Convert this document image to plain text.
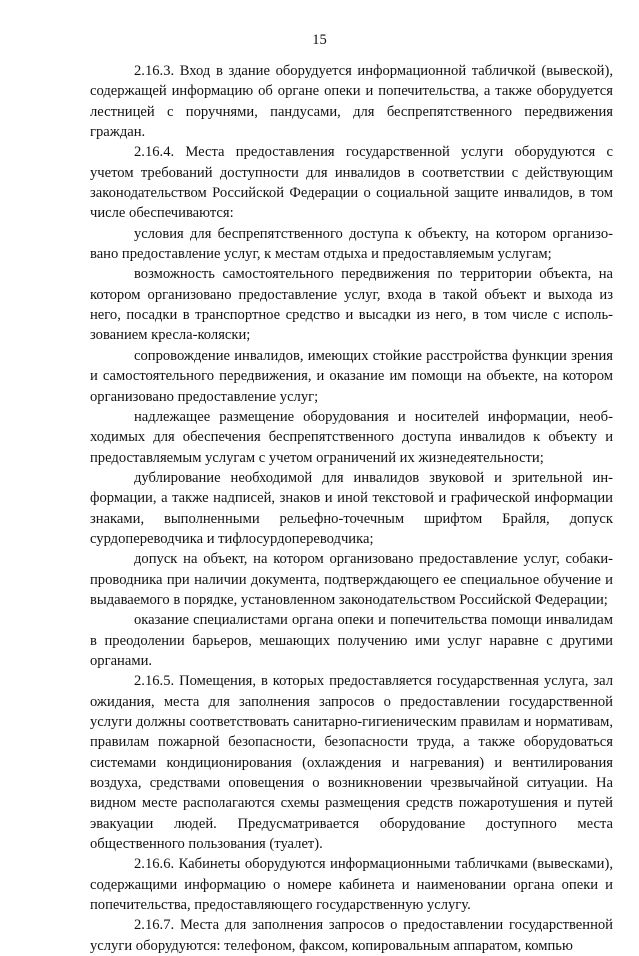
15

2.16.3. Вход в здание оборудуется информационной табличкой (вывеской), содержащей информацию об органе опеки и попечительства, а также оборудуется лестницей с поручнями, пандусами, для беспрепятственного передвижения граждан.

2.16.4. Места предоставления государственной услуги оборудуются с учетом требований доступности для инвалидов в соответствии с действующим законодательством Российской Федерации о социальной защите инвалидов, в том числе обеспечиваются:

условия для беспрепятственного доступа к объекту, на котором организовано предоставление услуг, к местам отдыха и предоставляемым услугам;

возможность самостоятельного передвижения по территории объекта, на котором организовано предоставление услуг, входа в такой объект и выхода из него, посадки в транспортное средство и высадки из него, в том числе с использованием кресла-коляски;

сопровождение инвалидов, имеющих стойкие расстройства функции зрения и самостоятельного передвижения, и оказание им помощи на объекте, на котором организовано предоставление услуг;

надлежащее размещение оборудования и носителей информации, необходимых для обеспечения беспрепятственного доступа инвалидов к объекту и предоставляемым услугам с учетом ограничений их жизнедеятельности;

дублирование необходимой для инвалидов звуковой и зрительной информации, а также надписей, знаков и иной текстовой и графической информации знаками, выполненными рельефно-точечным шрифтом Брайля, допуск сурдопереводчика и тифлосурдопереводчика;

допуск на объект, на котором организовано предоставление услуг, собаки-проводника при наличии документа, подтверждающего ее специальное обучение и выдаваемого в порядке, установленном законодательством Российской Федерации;

оказание специалистами органа опеки и попечительства помощи инвалидам в преодолении барьеров, мешающих получению ими услуг наравне с другими органами.

2.16.5. Помещения, в которых предоставляется государственная услуга, зал ожидания, места для заполнения запросов о предоставлении государственной услуги должны соответствовать санитарно-гигиеническим правилам и нормативам, правилам пожарной безопасности, безопасности труда, а также оборудоваться системами кондиционирования (охлаждения и нагревания) и вентилирования воздуха, средствами оповещения о возникновении чрезвычайной ситуации. На видном месте располагаются схемы размещения средств пожаротушения и путей эвакуации людей. Предусматривается оборудование доступного места общественного пользования (туалет).

2.16.6. Кабинеты оборудуются информационными табличками (вывесками), содержащими информацию о номере кабинета и наименовании органа опеки и попечительства, предоставляющего государственную услугу.

2.16.7. Места для заполнения запросов о предоставлении государственной услуги оборудуются: телефоном, факсом, копировальным аппаратом, компью
